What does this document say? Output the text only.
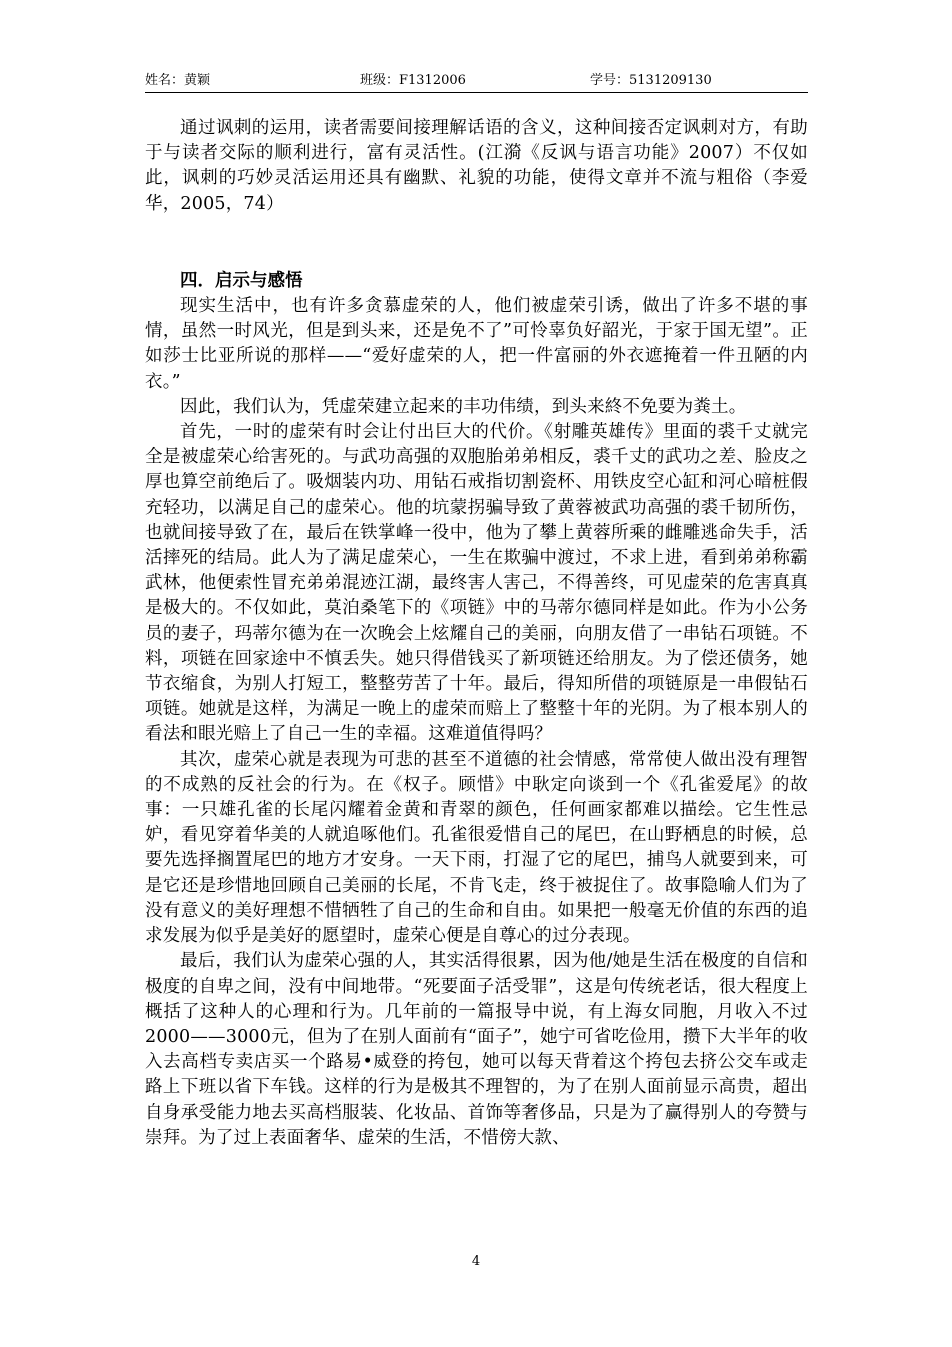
姓名：黄颖	班级：F1312006	学号：5131209130

通过讽刺的运用，读者需要间接理解话语的含义，这种间接否定讽刺对方，有助于与读者交际的顺利进行，富有灵活性。(江漪《反讽与语言功能》2007）不仅如此，讽刺的巧妙灵活运用还具有幽默、礼貌的功能，使得文章并不流与粗俗（李爱华，2005，74）

四．启示与感悟

现实生活中，也有许多贪慕虚荣的人，他们被虚荣引诱，做出了许多不堪的事情，虽然一时风光，但是到头来，还是免不了”可怜辜负好韶光，于家于国无望”。正如莎士比亚所说的那样——“爱好虚荣的人，把一件富丽的外衣遮掩着一件丑陋的内衣。”

因此，我们认为，凭虚荣建立起来的丰功伟绩，到头来終不免要为粪土。

首先，一时的虚荣有时会让付出巨大的代价。《射雕英雄传》里面的裘千丈就完全是被虚荣心给害死的。与武功高强的双胞胎弟弟相反，裘千丈的武功之差、脸皮之厚也算空前绝后了。吸烟装内功、用钻石戒指切割瓷杯、用铁皮空心缸和河心暗桩假充轻功，以满足自己的虚荣心。他的坑蒙拐骗导致了黄蓉被武功高强的裘千韧所伤，也就间接导致了在，最后在铁掌峰一役中，他为了攀上黄蓉所乘的雌雕逃命失手，活活摔死的结局。此人为了满足虚荣心，一生在欺骗中渡过，不求上进，看到弟弟称霸武林，他便索性冒充弟弟混迹江湖，最终害人害己，不得善终，可见虚荣的危害真真是极大的。不仅如此，莫泊桑笔下的《项链》中的马蒂尔德同样是如此。作为小公务员的妻子，玛蒂尔德为在一次晚会上炫耀自己的美丽，向朋友借了一串钻石项链。不料，项链在回家途中不慎丢失。她只得借钱买了新项链还给朋友。为了偿还债务，她节衣缩食，为别人打短工，整整劳苦了十年。最后，得知所借的项链原是一串假钻石项链。她就是这样，为满足一晚上的虚荣而赔上了整整十年的光阴。为了根本别人的看法和眼光赔上了自己一生的幸福。这难道值得吗？

其次，虚荣心就是表现为可悲的甚至不道德的社会情感，常常使人做出没有理智的不成熟的反社会的行为。在《权子。顾惜》中耿定向谈到一个《孔雀爱尾》的故事：一只雄孔雀的长尾闪耀着金黄和青翠的颜色，任何画家都难以描绘。它生性忌妒，看见穿着华美的人就追啄他们。孔雀很爱惜自己的尾巴，在山野栖息的时候，总要先选择搁置尾巴的地方才安身。一天下雨，打湿了它的尾巴，捕鸟人就要到来，可是它还是珍惜地回顾自己美丽的长尾，不肯飞走，终于被捉住了。故事隐喻人们为了没有意义的美好理想不惜牺牲了自己的生命和自由。如果把一般毫无价值的东西的追求发展为似乎是美好的愿望时，虚荣心便是自尊心的过分表现。

最后，我们认为虚荣心强的人，其实活得很累，因为他/她是生活在极度的自信和极度的自卑之间，没有中间地带。“死要面子活受罪”，这是句传统老话，很大程度上概括了这种人的心理和行为。几年前的一篇报导中说，有上海女同胞，月收入不过2000——3000元，但为了在别人面前有“面子”，她宁可省吃俭用，攒下大半年的收入去高档专卖店买一个路易•威登的挎包，她可以每天背着这个挎包去挤公交车或走路上下班以省下车钱。这样的行为是极其不理智的，为了在别人面前显示高贵，超出自身承受能力地去买高档服装、化妆品、首饰等奢侈品，只是为了赢得别人的夸赞与崇拜。为了过上表面奢华、虚荣的生活，不惜傍大款、

4
